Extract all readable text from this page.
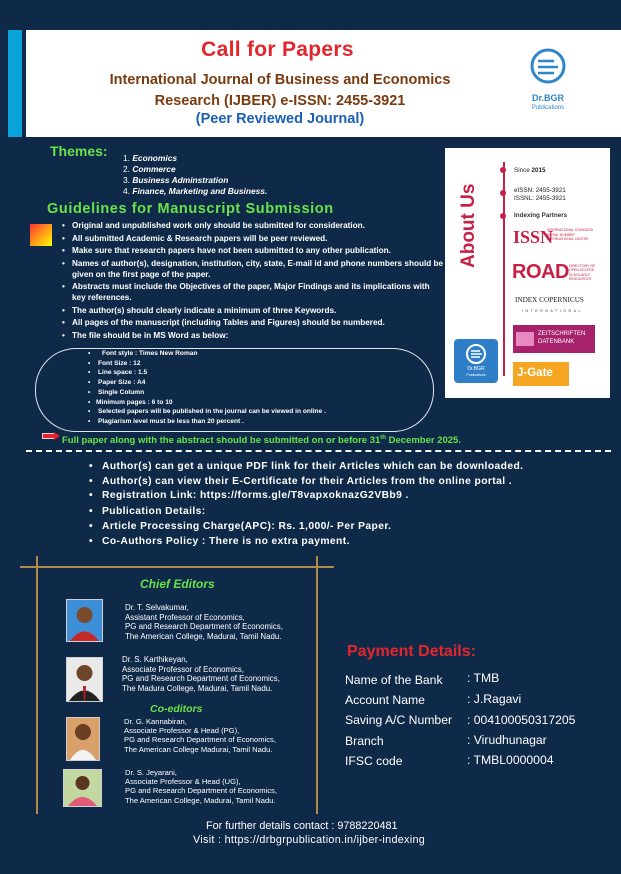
Call for Papers
International Journal of Business and Economics
Research (IJBER) e-ISSN: 2455-3921
(Peer Reviewed Journal)
Dr.BGR
Publications
Themes: 1. Economics
2. Commerce
3. Business Adminstration
4. Finance, Marketing and Business.	About Us
Since 2015
eISSN: 2455-3921
ISSNL: 2455-3921
Indexing Partners
ISSN
INTERNATIONAL STANDARD SERIAL NUMBER INTERNATIONAL CENTRE
ROAD DIRECTORY OF OPEN ACCESS SCHOLARLY RESOURCES
INDEX COPERNICUS
INTERNATIONAL
ZEITSCHRIFTEN DATENBANK
Dr.BGR
Publications	J-Gate
Guidelines for Manuscript Submission
• Original and unpublished work only should be submitted for consideration.
• All submitted Academic & Research papers will be peer reviewed.
• Make sure that research papers have not been submitted to any other publication.
• Names of author(s), designation, institution, city, state, E-mail id and phone numbers should be given on the first page of the paper.
• Abstracts must include the Objectives of the paper, Major Findings and its implications with key references.
• The author(s) should clearly indicate a minimum of three Keywords.
• All pages of the manuscript (including Tables and Figures) should be numbered.
• The file should be in MS Word as below:
• Font style : Times New Roman
• Font Size : 12
• Line space : 1.5
• Paper Size : A4
• Single Column
• Minimum pages : 6 to 10
• Selected papers will be published in the journal can be viewed in online .
• Plagiarism level must be less than 20 percent .
Full paper along with the abstract should be submitted on or before 31th December 2025.
• Author(s) can get a unique PDF link for their Articles which can be downloaded.
• Author(s) can view their E-Certificate for their Articles from the online portal .
• Registration Link: https://forms.gle/T8vapxoknazG2VBb9 .
• Publication Details:
• Article Processing Charge(APC): Rs. 1,000/- Per Paper.
• Co-Authors Policy : There is no extra payment.
Chief Editors
Dr. T. Selvakumar,
Assistant Professor of Economics,
PG and Research Department of Economics,
The American College, Madurai, Tamil Nadu.
Dr. S. Karthikeyan,
Associate Professor of Economics,
PG and Research Department of Economics,
The Madura College, Madurai, Tamil Nadu.
Co-editors
Dr. G. Kannabiran,
Associate Professor & Head (PG),
PG and Research Department of Economics,
The American College Madurai, Tamil Nadu.
Dr. S. Jeyarani,
Associate Professor & Head (UG),
PG and Research Department of Economics,
The American College, Madurai, Tamil Nadu.
Payment Details:
Name of the Bank : TMB
Account Name	: J.Ragavi
Saving A/C Number : 004100050317205
Branch	: Virudhunagar
IFSC code	: TMBL0000004
For further details contact : 9788220481
Visit : https://drbgrpublication.in/ijber-indexing
